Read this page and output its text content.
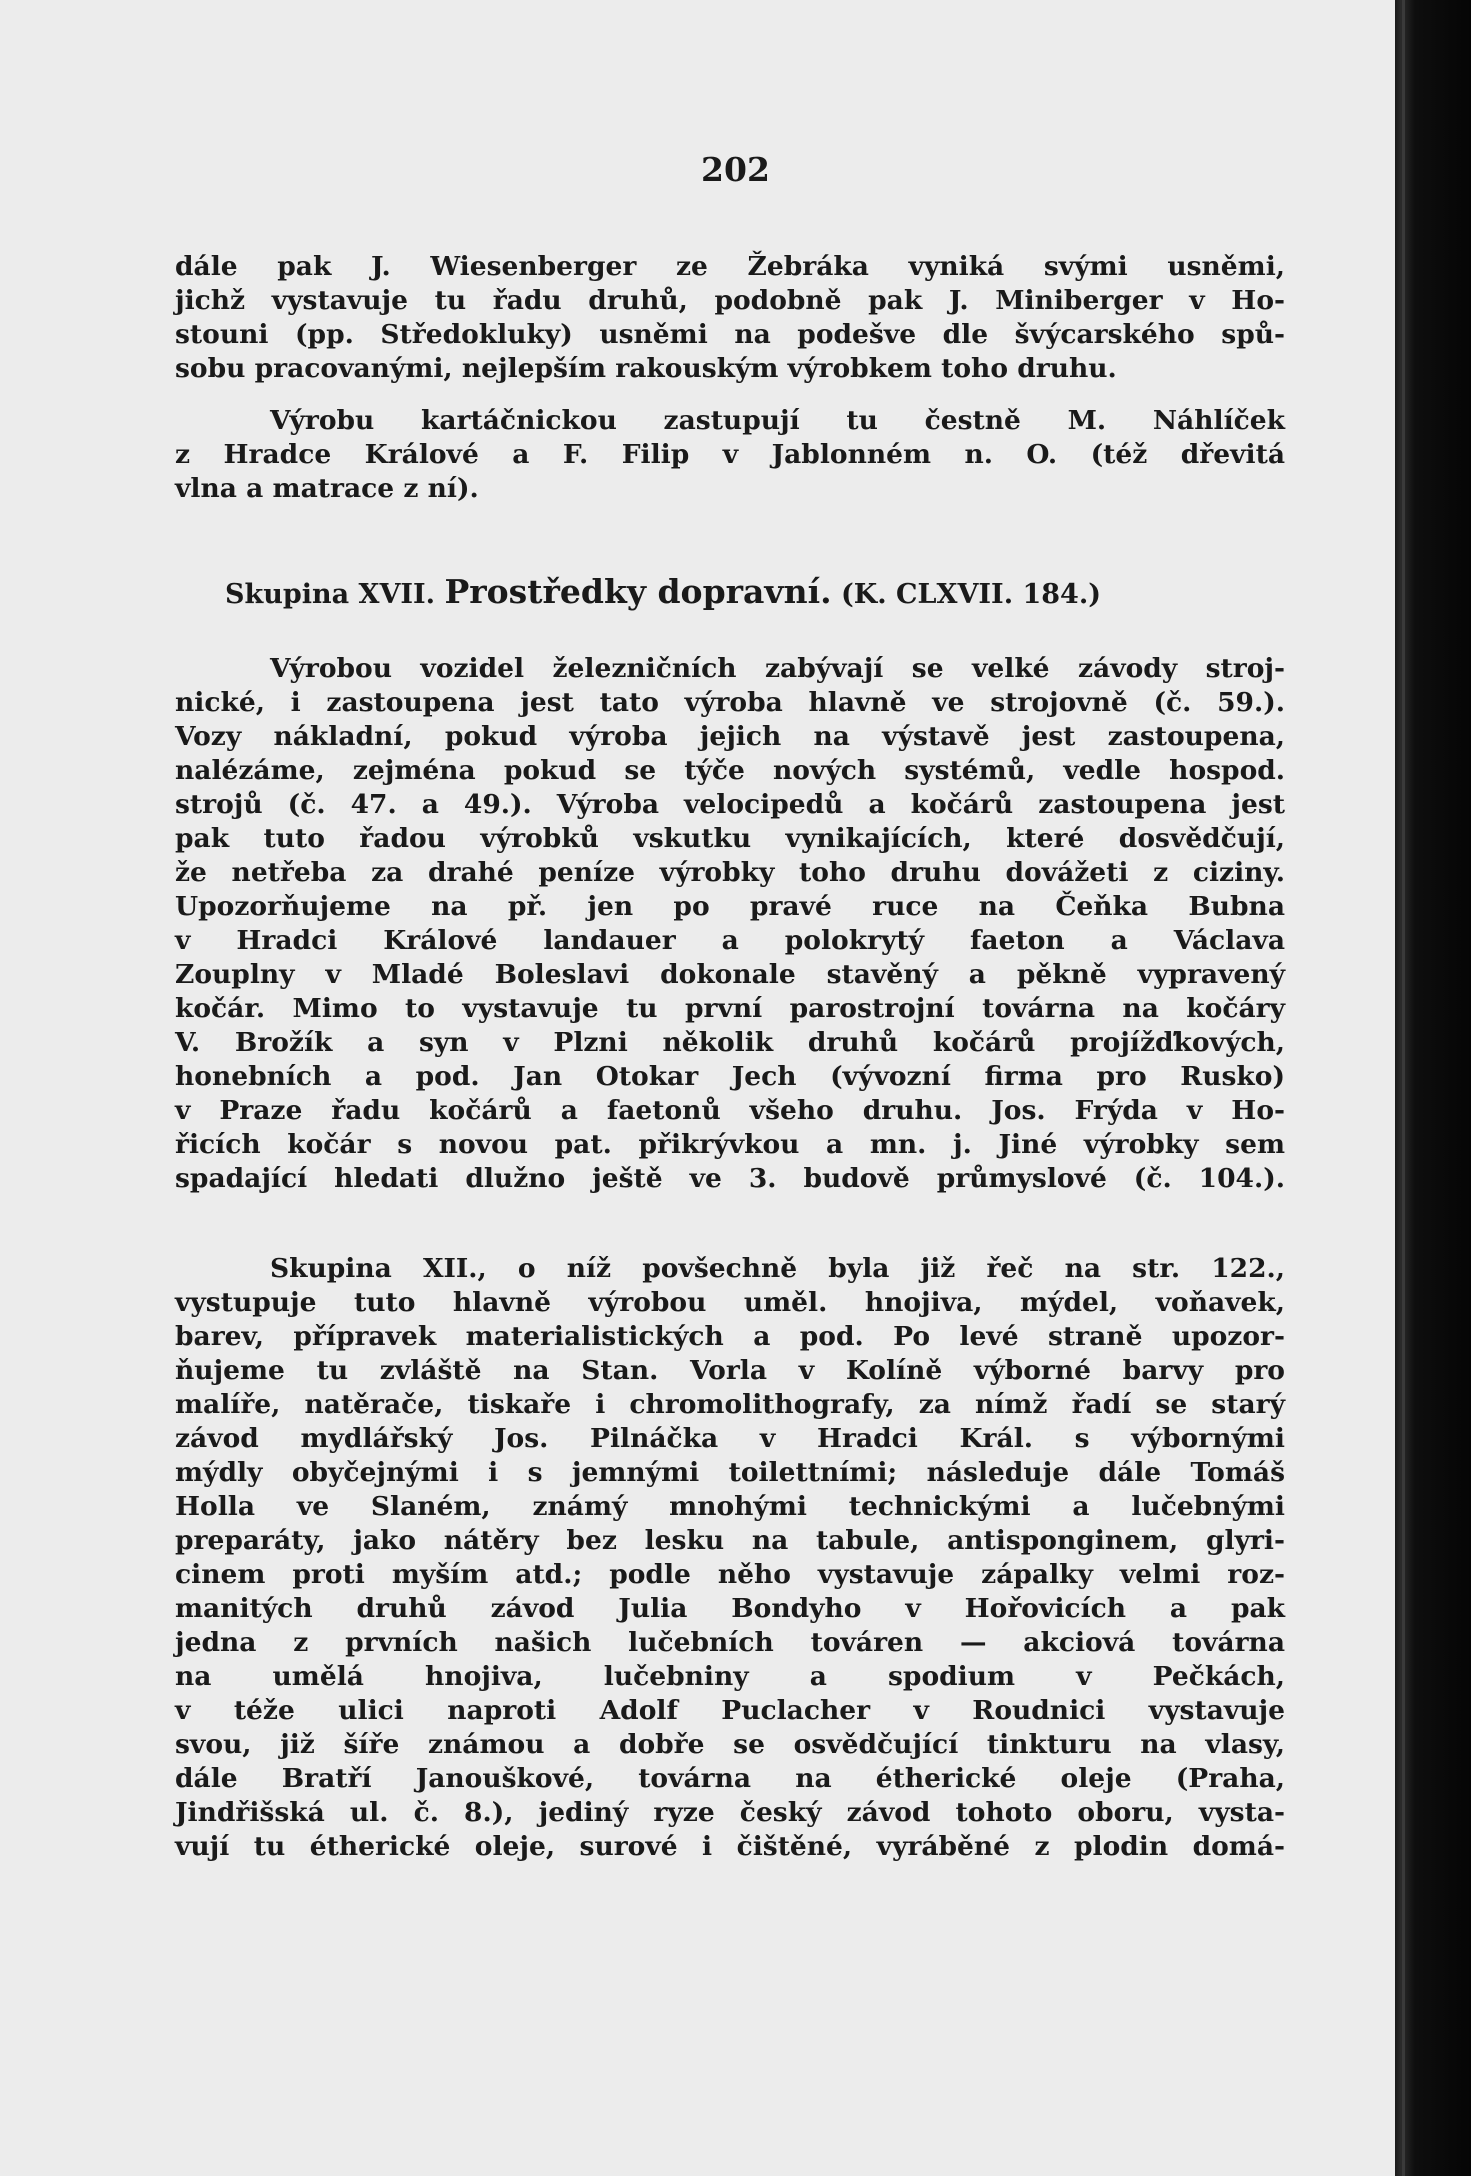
202
dále pak J. Wiesenberger ze Žebráka vyniká svými usněmi,
jichž vystavuje tu řadu druhů, podobně pak J. Miniberger v Ho-
stouni (pp. Středokluky) usněmi na podešve dle švýcarského spů-
sobu pracovanými, nejlepším rakouským výrobkem toho druhu.
Výrobu kartáčnickou zastupují tu čestně M. Náhlíček
z Hradce Králové a F. Filip v Jablonném n. O. (též dřevitá
vlna a matrace z ní).
Skupina XVII. Prostředky dopravní. (K. CLXVII. 184.)
Výrobou vozidel železničních zabývají se velké závody stroj-
nické, i zastoupena jest tato výroba hlavně ve strojovně (č. 59.).
Vozy nákladní, pokud výroba jejich na výstavě jest zastoupena,
nalézáme, zejména pokud se týče nových systémů, vedle hospod.
strojů (č. 47. a 49.). Výroba velocipedů a kočárů zastoupena jest
pak tuto řadou výrobků vskutku vynikajících, které dosvědčují,
že netřeba za drahé peníze výrobky toho druhu dovážeti z ciziny.
Upozorňujeme na př. jen po pravé ruce na Čeňka Bubna
v Hradci Králové landauer a polokrytý faeton a Václava
Zouplny v Mladé Boleslavi dokonale stavěný a pěkně vypravený
kočár. Mimo to vystavuje tu první parostrojní továrna na kočáry
V. Brožík a syn v Plzni několik druhů kočárů projížďkových,
honebních a pod. Jan Otokar Jech (vývozní firma pro Rusko)
v Praze řadu kočárů a faetonů všeho druhu. Jos. Frýda v Ho-
řicích kočár s novou pat. přikrývkou a mn. j. Jiné výrobky sem
spadající hledati dlužno ještě ve 3. budově průmyslové (č. 104.).
Skupina XII., o níž povšechně byla již řeč na str. 122.,
vystupuje tuto hlavně výrobou uměl. hnojiva, mýdel, voňavek,
barev, přípravek materialistických a pod. Po levé straně upozor-
ňujeme tu zvláště na Stan. Vorla v Kolíně výborné barvy pro
malíře, natěrače, tiskaře i chromolithografy, za nímž řadí se starý
závod mydlářský Jos. Pilnáčka v Hradci Král. s výbornými
mýdly obyčejnými i s jemnými toilettními; následuje dále Tomáš
Holla ve Slaném, známý mnohými technickými a lučebnými
preparáty, jako nátěry bez lesku na tabule, antisponginem, glyri-
cinem proti myším atd.; podle něho vystavuje zápalky velmi roz-
manitých druhů závod Julia Bondyho v Hořovicích a pak
jedna z prvních našich lučebních továren — akciová továrna
na umělá hnojiva, lučebniny a spodium v Pečkách,
v téže ulici naproti Adolf Puclacher v Roudnici vystavuje
svou, již šíře známou a dobře se osvědčující tinkturu na vlasy,
dále Bratří Janouškové, továrna na étherické oleje (Praha,
Jindřišská ul. č. 8.), jediný ryze český závod tohoto oboru, vysta-
vují tu étherické oleje, surové i čištěné, vyráběné z plodin domá-
